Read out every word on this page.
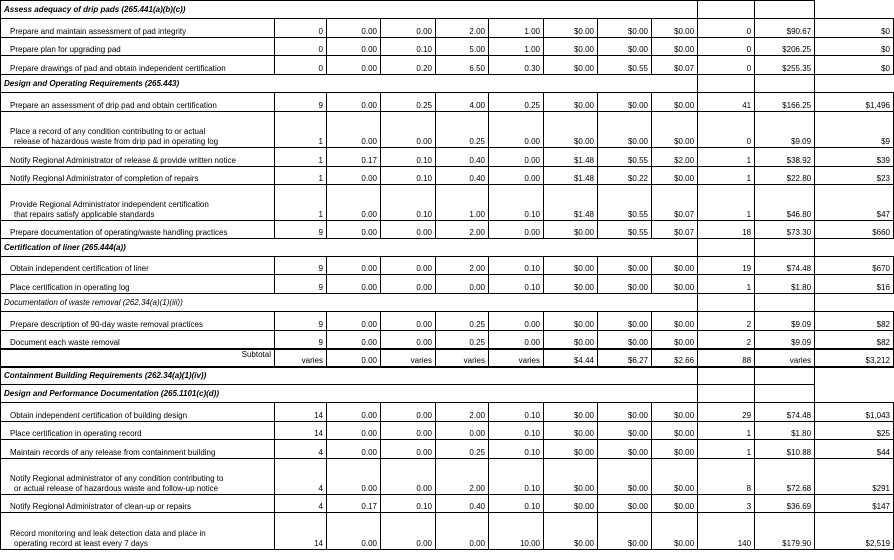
Assess adequacy of drip pads (265.441(a)(b)(c))											

Prepare and maintain assessment of pad integrity	0	0.00	0.00	2.00	1.00	$0.00	$0.00	$0.00	0	$90.67	$0

Prepare plan for upgrading pad	0	0.00	0.10	5.00	1.00	$0.00	$0.00	$0.00	0	$206.25	$0

Prepare drawings of pad and obtain independent certification	0	0.00	0.20	6.50	0.30	$0.00	$0.55	$0.07	0	$255.35	$0
Design and Operating Requirements (265.443)											

Prepare an assessment of drip pad and obtain certification	9	0.00	0.25	4.00	0.25	$0.00	$0.00	$0.00	41	$166.25	$1,496

Place a record of any condition contributing to or actual
release of hazardous waste from drip pad in operating log	1	0.00	0.00	0.25	0.00	$0.00	$0.00	$0.00	0	$9.09	$9

Notify Regional Administrator of release & provide written notice	1	0.17	0.10	0.40	0.00	$1.48	$0.55	$2.00	1	$38.92	$39

Notify Regional Administrator of completion of repairs	1	0.00	0.10	0.40	0.00	$1.48	$0.22	$0.00	1	$22.80	$23

Provide Regional Administrator independent certification
that repairs satisfy applicable standards	1	0.00	0.10	1.00	0.10	$1.48	$0.55	$0.07	1	$46.80	$47

Prepare documentation of operating/waste handling practices	9	0.00	0.00	2.00	0.00	$0.00	$0.55	$0.07	18	$73.30	$660
Certification of liner (265.444(a))											

Obtain independent certification of liner	9	0.00	0.00	2.00	0.10	$0.00	$0.00	$0.00	19	$74.48	$670

Place certification in operating log	9	0.00	0.00	0.00	0.10	$0.00	$0.00	$0.00	1	$1.80	$16
Documentation of waste removal (262.34(a)(1)(iii))											

Prepare description of 90-day waste removal practices	9	0.00	0.00	0.25	0.00	$0.00	$0.00	$0.00	2	$9.09	$82

Document each waste removal	9	0.00	0.00	0.25	0.00	$0.00	$0.00	$0.00	2	$9.09	$82
Subtotal	varies	0.00	varies	varies	varies	$4.44	$6.27	$2.66	88	varies	$3,212
Containment Building Requirements (262.34(a)(1)(iv))											
Design and Performance Documentation (265.1101(c)(d))											

Obtain independent certification of building design	14	0.00	0.00	2.00	0.10	$0.00	$0.00	$0.00	29	$74.48	$1,043

Place certification in operating record	14	0.00	0.00	0.00	0.10	$0.00	$0.00	$0.00	1	$1.80	$25

Maintain records of any release from containment building	4	0.00	0.00	0.25	0.10	$0.00	$0.00	$0.00	1	$10.88	$44

Notify Regional administrator of any condition contributing to
or actual release of hazardous waste and follow-up notice	4	0.00	0.00	2.00	0.10	$0.00	$0.00	$0.00	8	$72.68	$291

Notify Regional Administrator of clean-up or repairs	4	0.17	0.10	0.40	0.10	$0.00	$0.00	$0.00	3	$36.69	$147

Record monitoring and leak detection data and place in
operating record at least every 7 days	14	0.00	0.00	0.00	10.00	$0.00	$0.00	$0.00	140	$179.90	$2,519
